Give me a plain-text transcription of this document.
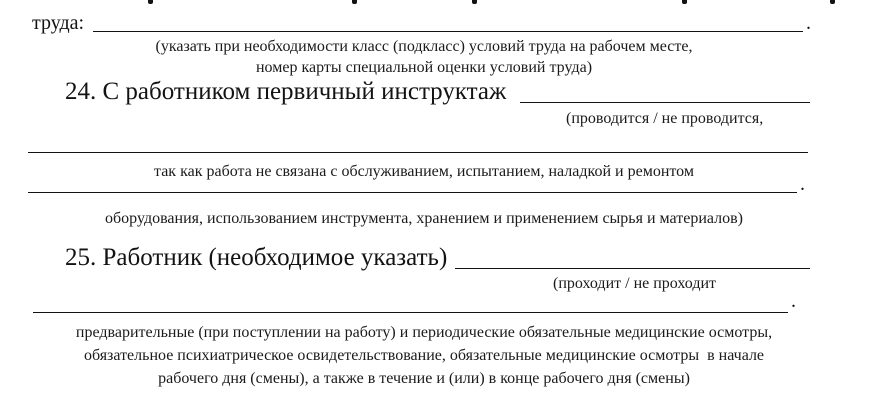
труда:	.
(указать при необходимости класс (подкласс) условий труда на рабочем месте,
номер карты специальной оценки условий труда)
24. С работником первичный инструктаж
(проводится / не проводится,
так как работа не связана с обслуживанием, испытанием, наладкой и ремонтом
.
оборудования, использованием инструмента, хранением и применением сырья и материалов)
25. Работник (необходимое указать)
(проходит / не проходит
.
предварительные (при поступлении на работу) и периодические обязательные медицинские осмотры,
обязательное психиатрическое освидетельствование, обязательные медицинские осмотры  в начале
рабочего дня (смены), а также в течение и (или) в конце рабочего дня (смены)
